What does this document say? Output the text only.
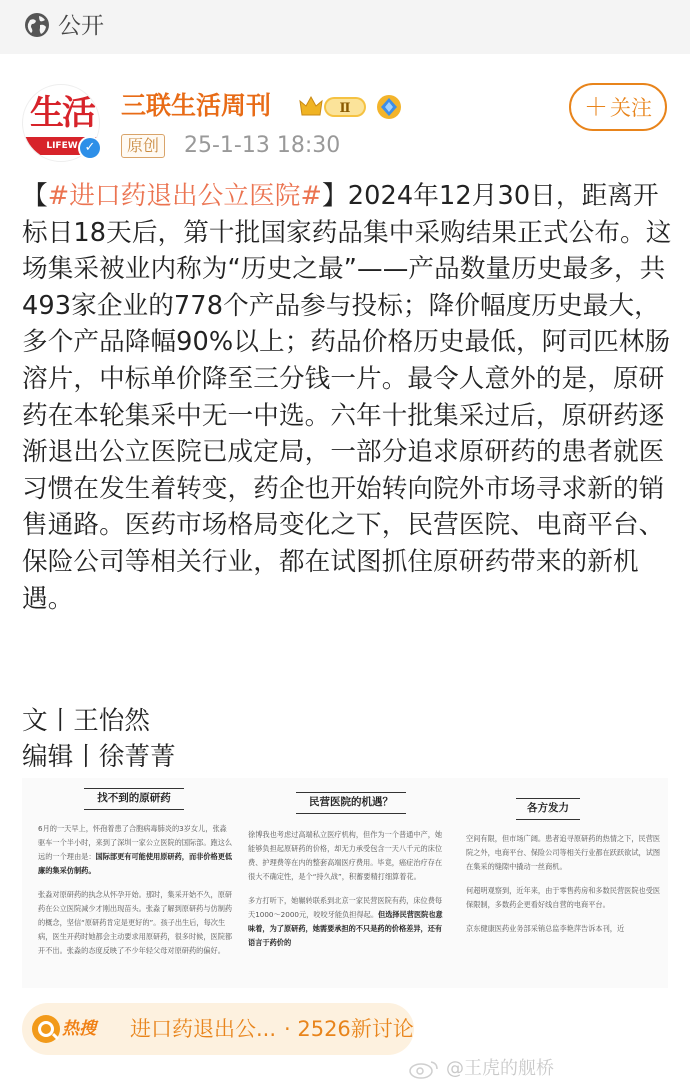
公开
生活
LIFEW ✓
三联生活周刊	Ⅱ
原创 25-1-13 18:30
＋关注
【#进口药退出公立医院#】2024年12月30日，距离开标日18天后，第十批国家药品集中采购结果正式公布。这场集采被业内称为“历史之最”——产品数量历史最多，共493家企业的778个产品参与投标；降价幅度历史最大，多个产品降幅90%以上；药品价格历史最低，阿司匹林肠溶片，中标单价降至三分钱一片。最令人意外的是，原研药在本轮集采中无一中选。六年十批集采过后，原研药逐渐退出公立医院已成定局，一部分追求原研药的患者就医习惯在发生着转变，药企也开始转向院外市场寻求新的销售通路。医药市场格局变化之下，民营医院、电商平台、保险公司等相关行业，都在试图抓住原研药带来的新机遇。
文丨王怡然
编辑丨徐菁菁
找不到的原研药
6月的一天早上，怀孢着患了合胞病毒肺炎的3岁女儿，张淼驱车一个半小时，来到了深圳一家公立医院的国际部。跑这么远的一个理由是：国际部更有可能使用原研药，而非价格更低廉的集采仿制药。
张淼对原研药的执念从怀孕开始。那时，集采开始不久，原研药在公立医院减少才刚出现苗头。张淼了解到原研药与仿制药的概念，坚信“原研药肯定是更好的”。孩子出生后，每次生病，医生开药时她都会主动要求用原研药，很多时候，医院都开不出。张淼的态度反映了不少年轻父母对原研药的偏好。
民营医院的机遇？
徐博我也考虑过高端私立医疗机构，但作为一个普通中产，她能够负担起原研药的价格，却无力承受包含一天八千元的床位费、护理费等在内的整套高端医疗费用。毕竟，癌症治疗存在很大不确定性，是个“持久战”，积蓄要精打细算着花。
多方打听下，她辗转联系到北京一家民营医院有药，床位费每天1000～2000元，咬咬牙能负担得起。但选择民营医院也意味着，为了原研药，她需要承担的不只是药的价格差异，还有语言于药价的
各方发力
空间有限，但市场广阔。患者追寻原研药的热情之下，民营医院之外，电商平台、保险公司等相关行业都在跃跃欲试，试图在集采的缝隙中撬动一丝商机。
何超明观察到，近年来，由于零售药房和多数民营医院也受医保限制，多数药企更看好线自营的电商平台。
京东健康医药业务部采销总监李艳萍告诉本刊，近
热搜 进口药退出公... · 2526新讨论
@王虎的舰桥
